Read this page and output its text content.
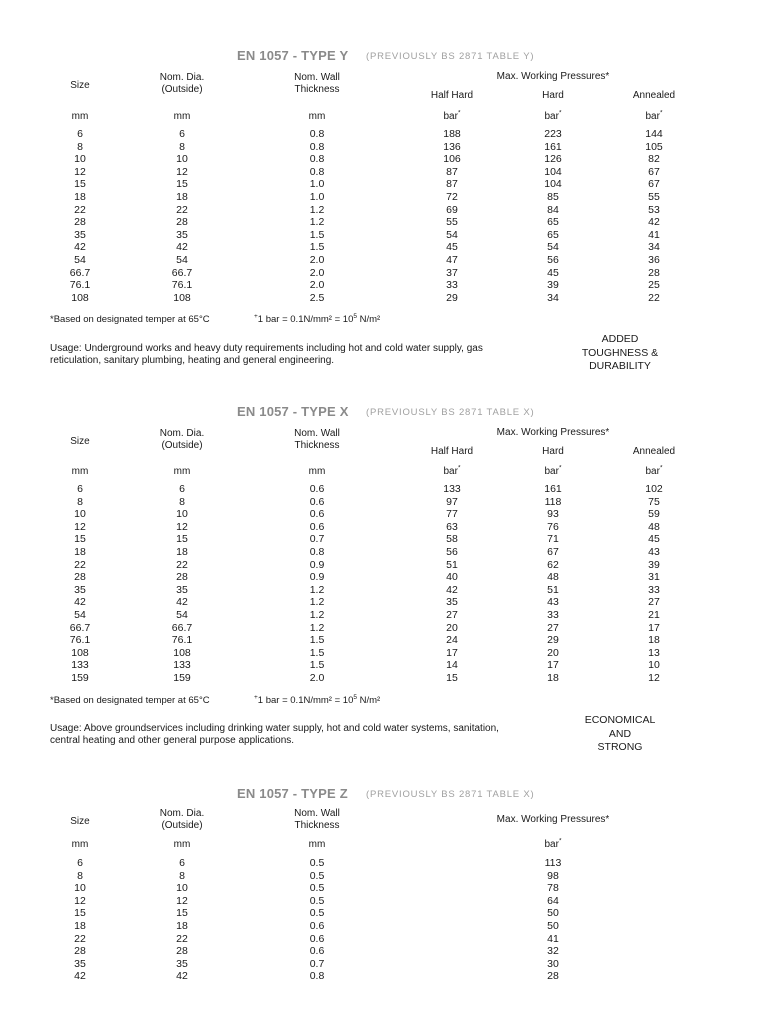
EN 1057 - TYPE Y (PREVIOUSLY BS 2871 TABLE Y)
Size
Nom. Dia.
(Outside)
Nom. Wall
Thickness
Max. Working Pressures*
Half Hard	Hard	Annealed
mm	mm	mm	bar*	bar*	bar*
6	6	0.8	188	223	144
8	8	0.8	136	161	105
10	10	0.8	106	126	82
12	12	0.8	87	104	67
15	15	1.0	87	104	67
18	18	1.0	72	85	55
22	22	1.2	69	84	53
28	28	1.2	55	65	42
35	35	1.5	54	65	41
42	42	1.5	45	54	34
54	54	2.0	47	56	36
66.7	66.7	2.0	37	45	28
76.1	76.1	2.0	33	39	25
108	108	2.5	29	34	22
*Based on designated temper at 65°C	+1 bar = $0.1N/mm^2 = 10^5$ N/m²
Usage: Underground works and heavy duty requirements including hot and cold water supply, gas reticulation, sanitary plumbing, heating and general engineering.
ADDED
TOUGHNESS &
DURABILITY
EN 1057 - TYPE X (PREVIOUSLY BS 2871 TABLE X)
Size
Nom. Dia.
(Outside)
Nom. Wall
Thickness
Max. Working Pressures*
Half Hard	Hard	Annealed
mm	mm	mm	bar*	bar*	bar*
6	6	0.6	133	161	102
8	8	0.6	97	118	75
10	10	0.6	77	93	59
12	12	0.6	63	76	48
15	15	0.7	58	71	45
18	18	0.8	56	67	43
22	22	0.9	51	62	39
28	28	0.9	40	48	31
35	35	1.2	42	51	33
42	42	1.2	35	43	27
54	54	1.2	27	33	21
66.7	66.7	1.2	20	27	17
76.1	76.1	1.5	24	29	18
108	108	1.5	17	20	13
133	133	1.5	14	17	10
159	159	2.0	15	18	12
*Based on designated temper at 65°C	+1 bar = $0.1N/mm^2 = 10^5$ N/m²
Usage: Above groundservices including drinking water supply, hot and cold water systems, sanitation, central heating and other general purpose applications.
ECONOMICAL
AND
STRONG
EN 1057 - TYPE Z (PREVIOUSLY BS 2871 TABLE X)
Size
Nom. Dia.
(Outside)
Nom. Wall
Thickness
Max. Working Pressures*
mm	mm	mm	bar*
6	6	0.5	113
8	8	0.5	98
10	10	0.5	78
12	12	0.5	64
15	15	0.5	50
18	18	0.6	50
22	22	0.6	41
28	28	0.6	32
35	35	0.7	30
42	42	0.8	28
